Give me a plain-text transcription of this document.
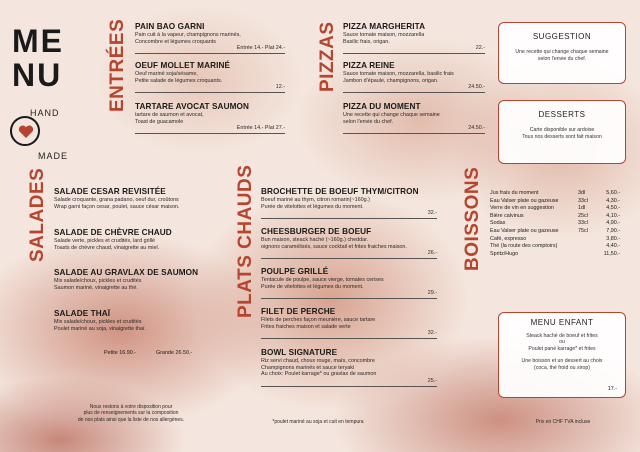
ME
NU
HAND
MADE
ENTRÉES	PIZZAS
SALADES	PLATS CHAUDS	BOISSONS
PAIN BAO GARNI
Pain cuit à la vapeur, champignons marinés,
Concombre et légumes croquants
Entrée 14.- Plat 24.-
OEUF MOLLET MARINÉ
Oeuf mariné soja/sésame,
Petite salade de légumes croquants.
12.-
TARTARE AVOCAT SAUMON
tartare de saumon et avocat,
Toast de guacamole
Entrée 14.- Plat 27.-
PIZZA MARGHERITA
Sauce tomate maison, mozzarella
Basilic frais, origan.
22.-
PIZZA REINE
Sauce tomate maison, mozzarella, basilic frais
Jambon d'épaule, champignons, origan.
24.50.-
PIZZA DU MOMENT
Une recette qui change chaque semaine
selon l'envie du chef.
24.50.-
SUGGESTION
Une recette qui change chaque semaine
selon l'envie du chef.
DESSERTS
Carte disponible sur ardoise
Tous nos desserts sont fait maison
SALADE CESAR REVISITÉE
Salade croquante, grana padano, oeuf dur, croûtons
Wrap garni façon cesar, poulet, sauce césar maison.
SALADE DE CHÈVRE CHAUD
Salade verte, pickles et crudités, lard grillé
Toasts de chèvre chaud, vinaigrette au miel.
SALADE AU GRAVLAX DE SAUMON
Mix salade/choux, pickles et crudités
Saumon mariné, vinaigrette au thé.
SALADE THAÏ
Mix salade/choux, pickles et crudités
Poulet mariné au soja, vinaigrette thaï.
Petite 16.90.-	Grande 26.50.-
BROCHETTE DE BOEUF THYM/CITRON
Boeuf mariné au thym, citron romarin(~160g.)
Purée de vitelottes et légumes du moment.
32.-
CHEESBURGER DE BOEUF
Bun maison, steack haché (~160g.) cheddar.
oignons caramélisés, sauce cocktail et frites fraiches maison.
26.-
POULPE GRILLÉ
Tentacule de poulpe, sauce vierge, tomates cerises
Purée de vitelottes et légumes du moment.
29.-
FILET DE PERCHE
Filets de perches façon meunière, sauce tartare
Frites fraiches maison et salade verte
32.-
BOWL SIGNATURE
Riz servi chaud, choux rouge, maïs, concombre
Champignons marinés et sauce teryaki
Au choix: Poulet karrage* ou gravlax de saumon
25.-
Jus frais du moment	3dl	5,60.-
Eau Valser plate ou gazeuse	33cl	4,30.-
Verre de vin en suggestion	1dl	4,50.-
Bière calvinus	25cl	4,10.-
Sodas	33cl	4,90.-
Eau Valser plate ou gazeuse	75cl	7,90.-
Café, expresso	3,80.-
Thé (la route des comptoirs)	4,40.-
Spritz/Hugo	11,50.-
MENU ENFANT
Steack haché de boeuf et frites
ou
Poulet pané karrage* et frites
Une boisson et un dessert au choix
(coca, thé froid ou sirop)
17.-
Nous restons à votre disposition pour
plus de renseignements sur la composition
de nos plats ainsi que la liste de nos allergènes.	*poulet mariné au soja et cuit en tempura	Prix en CHF TVA incluse
